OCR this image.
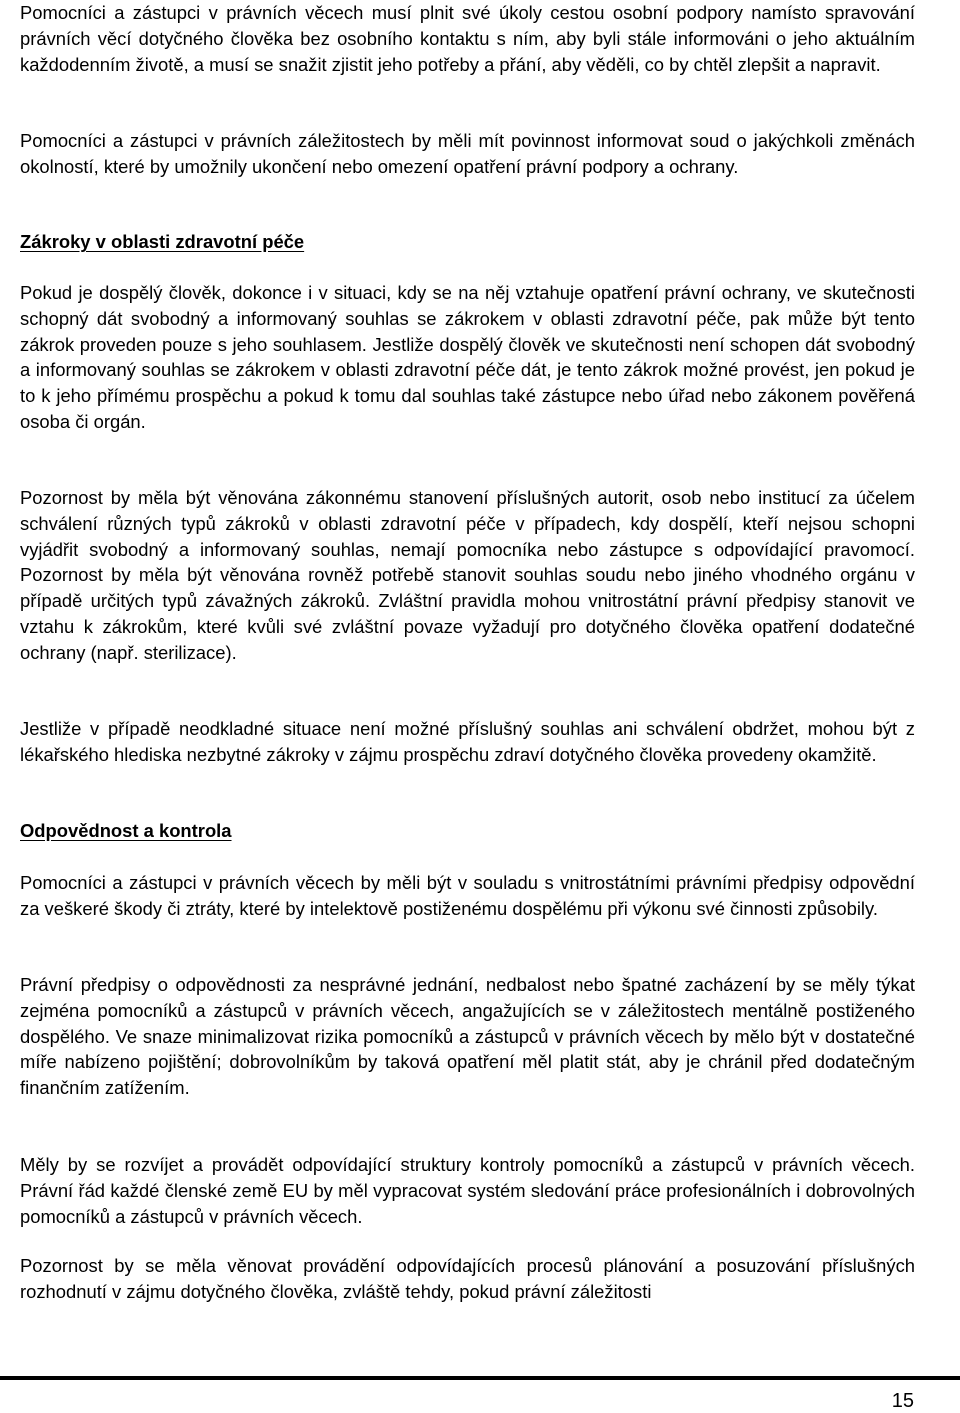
Pomocníci a zástupci v právních věcech musí plnit své úkoly cestou osobní podpory namísto spravování právních věcí dotyčného člověka bez osobního kontaktu s ním, aby byli stále informováni o jeho aktuálním každodenním životě, a musí se snažit zjistit jeho potřeby a přání, aby věděli, co by chtěl zlepšit a napravit.

Pomocníci a zástupci v právních záležitostech by měli mít povinnost informovat soud o jakýchkoli změnách okolností, které by umožnily ukončení nebo omezení opatření právní podpory a ochrany.

Zákroky v oblasti zdravotní péče

Pokud je dospělý člověk, dokonce i v situaci, kdy se na něj vztahuje opatření právní ochrany, ve skutečnosti schopný dát svobodný a informovaný souhlas se zákrokem v oblasti zdravotní péče, pak může být tento zákrok proveden pouze s jeho souhlasem. Jestliže dospělý člověk ve skutečnosti není schopen dát svobodný a informovaný souhlas se zákrokem v oblasti zdravotní péče dát, je tento zákrok možné provést, jen pokud je to k jeho přímému prospěchu a pokud k tomu dal souhlas také zástupce nebo úřad nebo zákonem pověřená osoba či orgán.

Pozornost by měla být věnována zákonnému stanovení příslušných autorit, osob nebo institucí za účelem schválení různých typů zákroků v oblasti zdravotní péče v případech, kdy dospělí, kteří nejsou schopni vyjádřit svobodný a informovaný souhlas, nemají pomocníka nebo zástupce s odpovídající pravomocí. Pozornost by měla být věnována rovněž potřebě stanovit souhlas soudu nebo jiného vhodného orgánu v případě určitých typů závažných zákroků. Zvláštní pravidla mohou vnitrostátní právní předpisy stanovit ve vztahu k zákrokům, které kvůli své zvláštní povaze vyžadují pro dotyčného člověka opatření dodatečné ochrany (např. sterilizace).

Jestliže v případě neodkladné situace není možné příslušný souhlas ani schválení obdržet, mohou být z lékařského hlediska nezbytné zákroky v zájmu prospěchu zdraví dotyčného člověka provedeny okamžitě.

Odpovědnost a kontrola

Pomocníci a zástupci v právních věcech by měli být v souladu s vnitrostátními právními předpisy odpovědní za veškeré škody či ztráty, které by intelektově postiženému dospělému při výkonu své činnosti způsobily.

Právní předpisy o odpovědnosti za nesprávné jednání, nedbalost nebo špatné zacházení by se měly týkat zejména pomocníků a zástupců v právních věcech, angažujících se v záležitostech mentálně postiženého dospělého. Ve snaze minimalizovat rizika pomocníků a zástupců v právních věcech by mělo být v dostatečné míře nabízeno pojištění; dobrovolníkům by taková opatření měl platit stát, aby je chránil před dodatečným finančním zatížením.

Měly by se rozvíjet a provádět odpovídající struktury kontroly pomocníků a zástupců v právních věcech. Právní řád každé členské země EU by měl vypracovat systém sledování práce profesionálních i dobrovolných pomocníků a zástupců v právních věcech.

Pozornost by se měla věnovat provádění odpovídajících procesů plánování a posuzování příslušných rozhodnutí v zájmu dotyčného člověka, zvláště tehdy, pokud právní záležitosti

15
